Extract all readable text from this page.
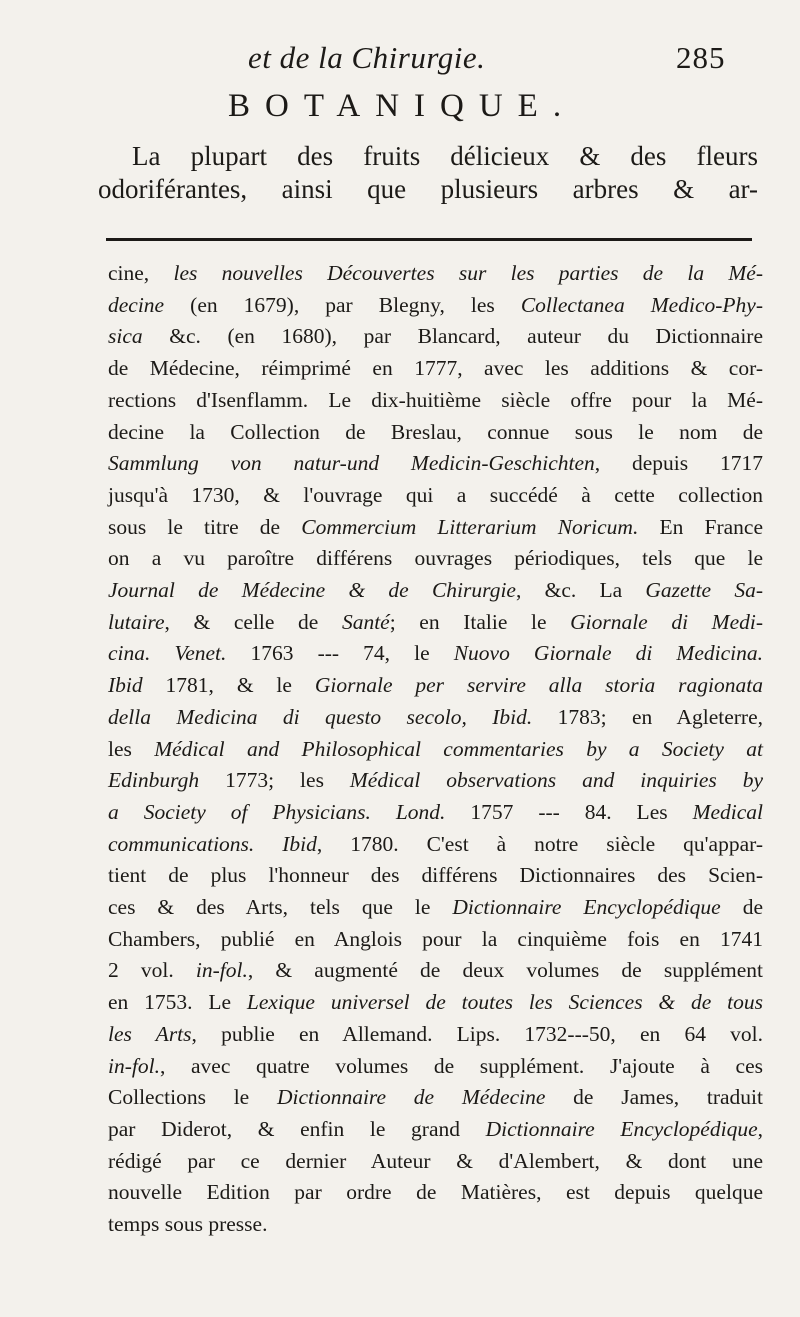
et de la Chirurgie.	285
BOTANIQUE.
La plupart des fruits délicieux & des fleurs
odoriférantes, ainsi que plusieurs arbres & ar-
cine, les nouvelles Découvertes sur les parties de la Mé-
decine (en 1679), par Blegny, les Collectanea Medico-Phy-
sica &c. (en 1680), par Blancard, auteur du Dictionnaire
de Médecine, réimprimé en 1777, avec les additions & cor-
rections d'Isenflamm. Le dix-huitième siècle offre pour la Mé-
decine la Collection de Breslau, connue sous le nom de
Sammlung von natur-und Medicin-Geschichten, depuis 1717
jusqu'à 1730, & l'ouvrage qui a succédé à cette collection
sous le titre de Commercium Litterarium Noricum. En France
on a vu paroître différens ouvrages périodiques, tels que le
Journal de Médecine & de Chirurgie, &c. La Gazette Sa-
lutaire, & celle de Santé; en Italie le Giornale di Medi-
cina. Venet. 1763 --- 74, le Nuovo Giornale di Medicina.
Ibid 1781, & le Giornale per servire alla storia ragionata
della Medicina di questo secolo, Ibid. 1783; en Agleterre,
les Médical and Philosophical commentaries by a Society at
Edinburgh 1773; les Médical observations and inquiries by
a Society of Physicians. Lond. 1757 --- 84. Les Medical
communications. Ibid, 1780. C'est à notre siècle qu'appar-
tient de plus l'honneur des différens Dictionnaires des Scien-
ces & des Arts, tels que le Dictionnaire Encyclopédique de
Chambers, publié en Anglois pour la cinquième fois en 1741
2 vol. in-fol., & augmenté de deux volumes de supplément
en 1753. Le Lexique universel de toutes les Sciences & de tous
les Arts, publie en Allemand. Lips. 1732---50, en 64 vol.
in-fol., avec quatre volumes de supplément. J'ajoute à ces
Collections le Dictionnaire de Médecine de James, traduit
par Diderot, & enfin le grand Dictionnaire Encyclopédique,
rédigé par ce dernier Auteur & d'Alembert, & dont une
nouvelle Edition par ordre de Matières, est depuis quelque
temps sous presse.
